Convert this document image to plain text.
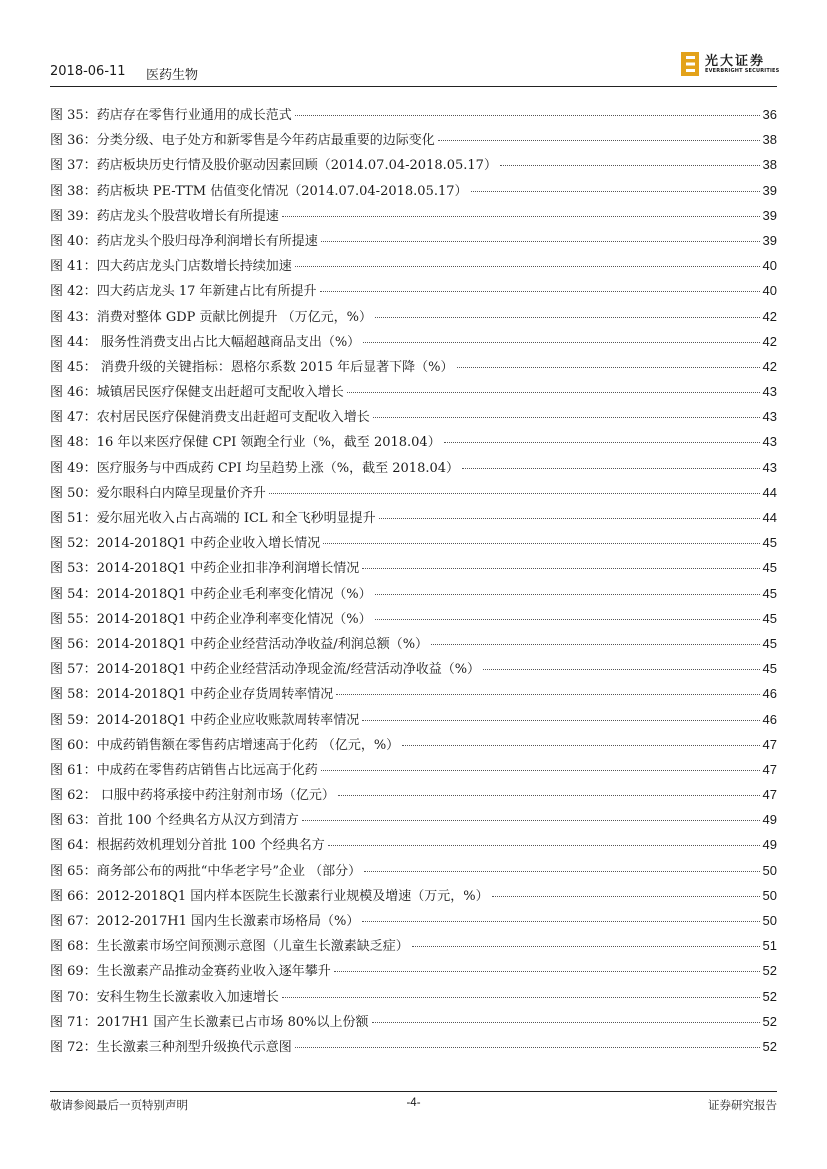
2018-06-11 医药生物
光大证券
EVERBRIGHT SECURITIES
图 35：药店存在零售行业通用的成长范式	36
图 36：分类分级、电子处方和新零售是今年药店最重要的边际变化	38
图 37：药店板块历史行情及股价驱动因素回顾（2014.07.04-2018.05.17）	38
图 38：药店板块 PE-TTM 估值变化情况（2014.07.04-2018.05.17）	39
图 39：药店龙头个股营收增长有所提速	39
图 40：药店龙头个股归母净利润增长有所提速	39
图 41：四大药店龙头门店数增长持续加速	40
图 42：四大药店龙头 17 年新建占比有所提升	40
图 43：消费对整体 GDP 贡献比例提升 （万亿元，%）	42
图 44： 服务性消费支出占比大幅超越商品支出（%）	42
图 45： 消费升级的关键指标：恩格尔系数 2015 年后显著下降（%）	42
图 46：城镇居民医疗保健支出赶超可支配收入增长	43
图 47：农村居民医疗保健消费支出赶超可支配收入增长	43
图 48：16 年以来医疗保健 CPI 领跑全行业（%，截至 2018.04）	43
图 49：医疗服务与中西成药 CPI 均呈趋势上涨（%，截至 2018.04）	43
图 50：爱尔眼科白内障呈现量价齐升	44
图 51：爱尔屈光收入占占高端的 ICL 和全飞秒明显提升	44
图 52：2014-2018Q1 中药企业收入增长情况	45
图 53：2014-2018Q1 中药企业扣非净利润增长情况	45
图 54：2014-2018Q1 中药企业毛利率变化情况（%）	45
图 55：2014-2018Q1 中药企业净利率变化情况（%）	45
图 56：2014-2018Q1 中药企业经营活动净收益/利润总额（%）	45
图 57：2014-2018Q1 中药企业经营活动净现金流/经营活动净收益（%）	45
图 58：2014-2018Q1 中药企业存货周转率情况	46
图 59：2014-2018Q1 中药企业应收账款周转率情况	46
图 60：中成药销售额在零售药店增速高于化药 （亿元，%）	47
图 61：中成药在零售药店销售占比远高于化药	47
图 62： 口服中药将承接中药注射剂市场（亿元）	47
图 63：首批 100 个经典名方从汉方到清方	49
图 64：根据药效机理划分首批 100 个经典名方	49
图 65：商务部公布的两批“中华老字号”企业 （部分）	50
图 66：2012-2018Q1 国内样本医院生长激素行业规模及增速（万元，%）	50
图 67：2012-2017H1 国内生长激素市场格局（%）	50
图 68：生长激素市场空间预测示意图（儿童生长激素缺乏症）	51
图 69：生长激素产品推动金赛药业收入逐年攀升	52
图 70：安科生物生长激素收入加速增长	52
图 71：2017H1 国产生长激素已占市场 80%以上份额	52
图 72：生长激素三种剂型升级换代示意图	52
敬请参阅最后一页特别声明	-4-	证券研究报告
